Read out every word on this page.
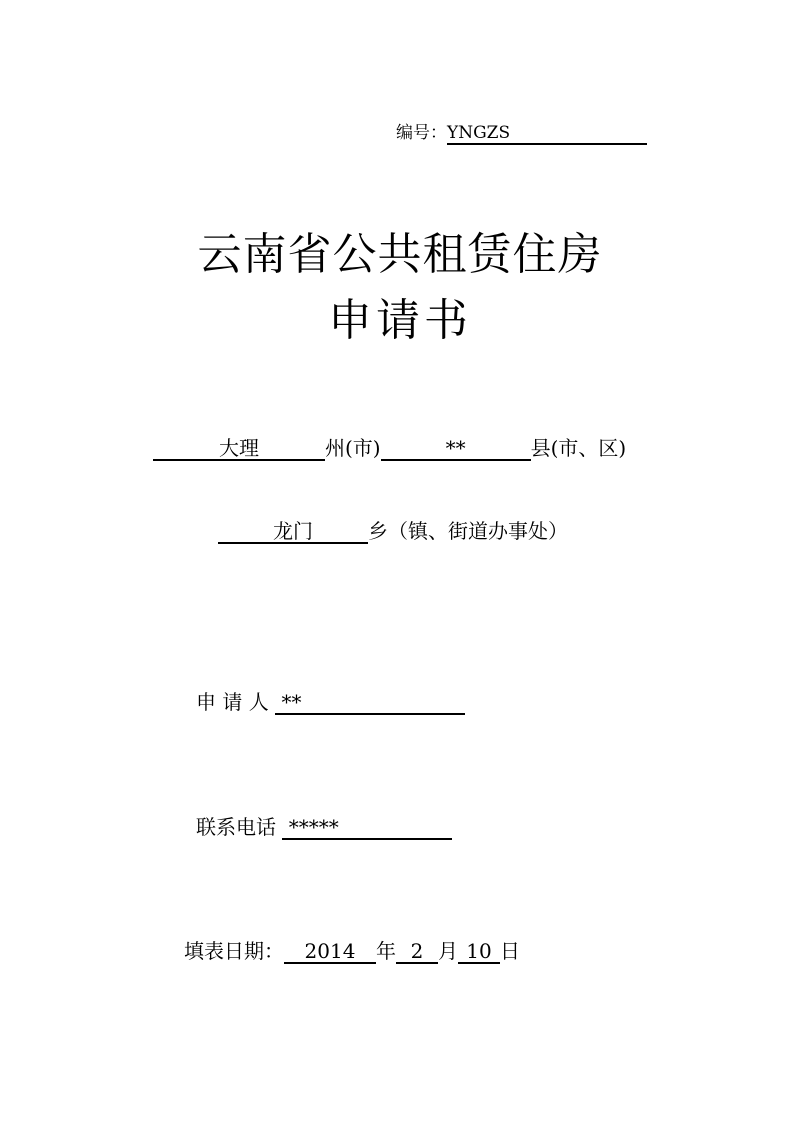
编号：YNGZS
云南省公共租赁住房
申请书
大理	州(市)	**	县(市、区)
龙门	乡（镇、街道办事处）
申 请 人 **
联系电话 *****
填表日期： 2014 年 2 月 10 日
